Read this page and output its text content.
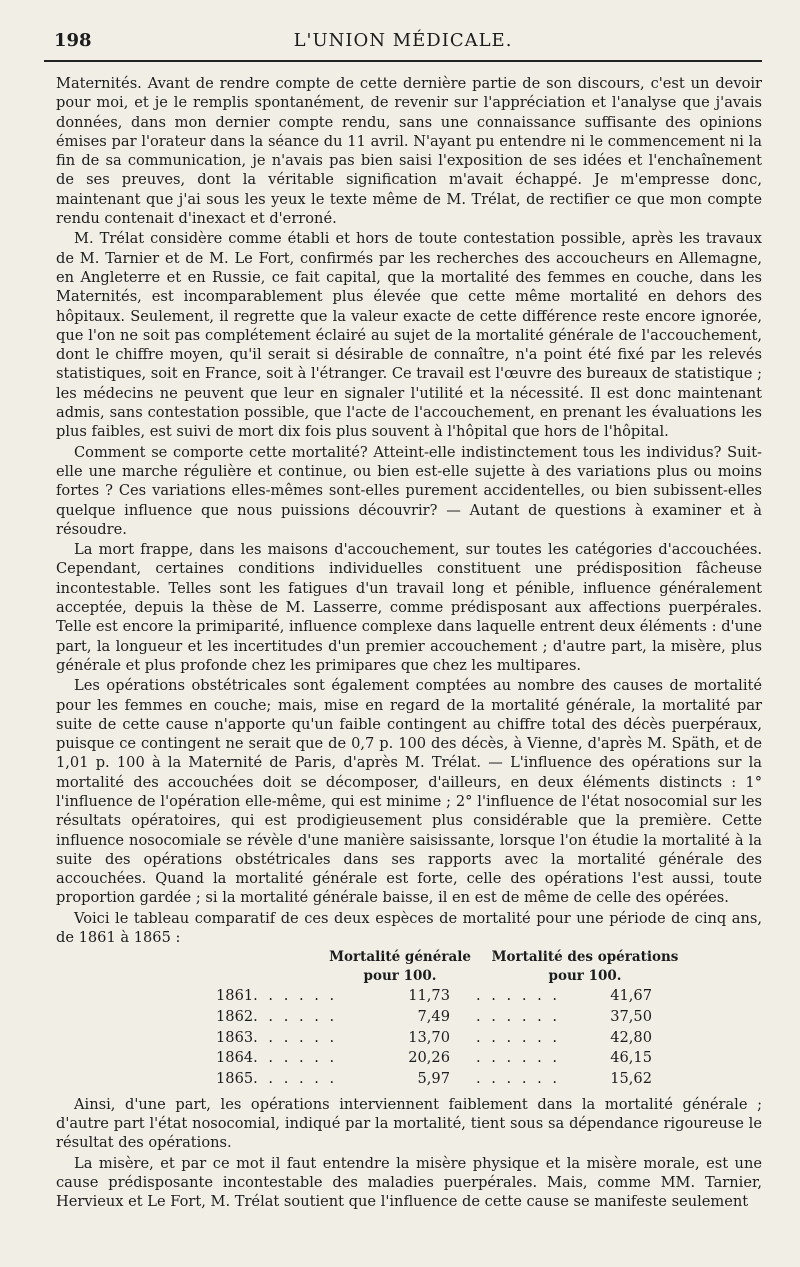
198	L'UNION MÉDICALE.

Maternités. Avant de rendre compte de cette dernière partie de son discours, c'est un devoir pour moi, et je le remplis spontanément, de revenir sur l'appréciation et l'analyse que j'avais données, dans mon dernier compte rendu, sans une connaissance suffisante des opinions émises par l'orateur dans la séance du 11 avril. N'ayant pu entendre ni le commencement ni la fin de sa communication, je n'avais pas bien saisi l'exposition de ses idées et l'enchaînement de ses preuves, dont la véritable signification m'avait échappé. Je m'empresse donc, maintenant que j'ai sous les yeux le texte même de M. Trélat, de rectifier ce que mon compte rendu contenait d'inexact et d'erroné.

M. Trélat considère comme établi et hors de toute contestation possible, après les travaux de M. Tarnier et de M. Le Fort, confirmés par les recherches des accoucheurs en Allemagne, en Angleterre et en Russie, ce fait capital, que la mortalité des femmes en couche, dans les Maternités, est incomparablement plus élevée que cette même mortalité en dehors des hôpitaux. Seulement, il regrette que la valeur exacte de cette différence reste encore ignorée, que l'on ne soit pas complétement éclairé au sujet de la mortalité générale de l'accouchement, dont le chiffre moyen, qu'il serait si désirable de connaître, n'a point été fixé par les relevés statistiques, soit en France, soit à l'étranger. Ce travail est l'œuvre des bureaux de statistique ; les médecins ne peuvent que leur en signaler l'utilité et la nécessité. Il est donc maintenant admis, sans contestation possible, que l'acte de l'accouchement, en prenant les évaluations les plus faibles, est suivi de mort dix fois plus souvent à l'hôpital que hors de l'hôpital.

Comment se comporte cette mortalité? Atteint-elle indistinctement tous les individus? Suit-elle une marche régulière et continue, ou bien est-elle sujette à des variations plus ou moins fortes ? Ces variations elles-mêmes sont-elles purement accidentelles, ou bien subissent-elles quelque influence que nous puissions découvrir? — Autant de questions à examiner et à résoudre.

La mort frappe, dans les maisons d'accouchement, sur toutes les catégories d'accouchées. Cependant, certaines conditions individuelles constituent une prédisposition fâcheuse incontestable. Telles sont les fatigues d'un travail long et pénible, influence généralement acceptée, depuis la thèse de M. Lasserre, comme prédisposant aux affections puerpérales. Telle est encore la primiparité, influence complexe dans laquelle entrent deux éléments : d'une part, la longueur et les incertitudes d'un premier accouchement ; d'autre part, la misère, plus générale et plus profonde chez les primipares que chez les multipares.

Les opérations obstétricales sont également comptées au nombre des causes de mortalité pour les femmes en couche; mais, mise en regard de la mortalité générale, la mortalité par suite de cette cause n'apporte qu'un faible contingent au chiffre total des décès puerpéraux, puisque ce contingent ne serait que de 0,7 p. 100 des décès, à Vienne, d'après M. Späth, et de 1,01 p. 100 à la Maternité de Paris, d'après M. Trélat. — L'influence des opérations sur la mortalité des accouchées doit se décomposer, d'ailleurs, en deux éléments distincts : 1° l'influence de l'opération elle-même, qui est minime ; 2° l'influence de l'état nosocomial sur les résultats opératoires, qui est prodigieusement plus considérable que la première. Cette influence nosocomiale se révèle d'une manière saisissante, lorsque l'on étudie la mortalité à la suite des opérations obstétricales dans ses rapports avec la mortalité générale des accouchées. Quand la mortalité générale est forte, celle des opérations l'est aussi, toute proportion gardée ; si la mortalité générale baisse, il en est de même de celle des opérées.

Voici le tableau comparatif de ces deux espèces de mortalité pour une période de cinq ans, de 1861 à 1865 :

Mortalité générale	Mortalité des opérations
pour 100.	pour 100.
1861. . . . . .	11,73	. . . . . .	41,67
1862. . . . . .	7,49	. . . . . .	37,50
1863. . . . . .	13,70	. . . . . .	42,80
1864. . . . . .	20,26	. . . . . .	46,15
1865. . . . . .	5,97	. . . . . .	15,62

Ainsi, d'une part, les opérations interviennent faiblement dans la mortalité générale ; d'autre part l'état nosocomial, indiqué par la mortalité, tient sous sa dépendance rigoureuse le résultat des opérations.

La misère, et par ce mot il faut entendre la misère physique et la misère morale, est une cause prédisposante incontestable des maladies puerpérales. Mais, comme MM. Tarnier, Hervieux et Le Fort, M. Trélat soutient que l'influence de cette cause se manifeste seulement
